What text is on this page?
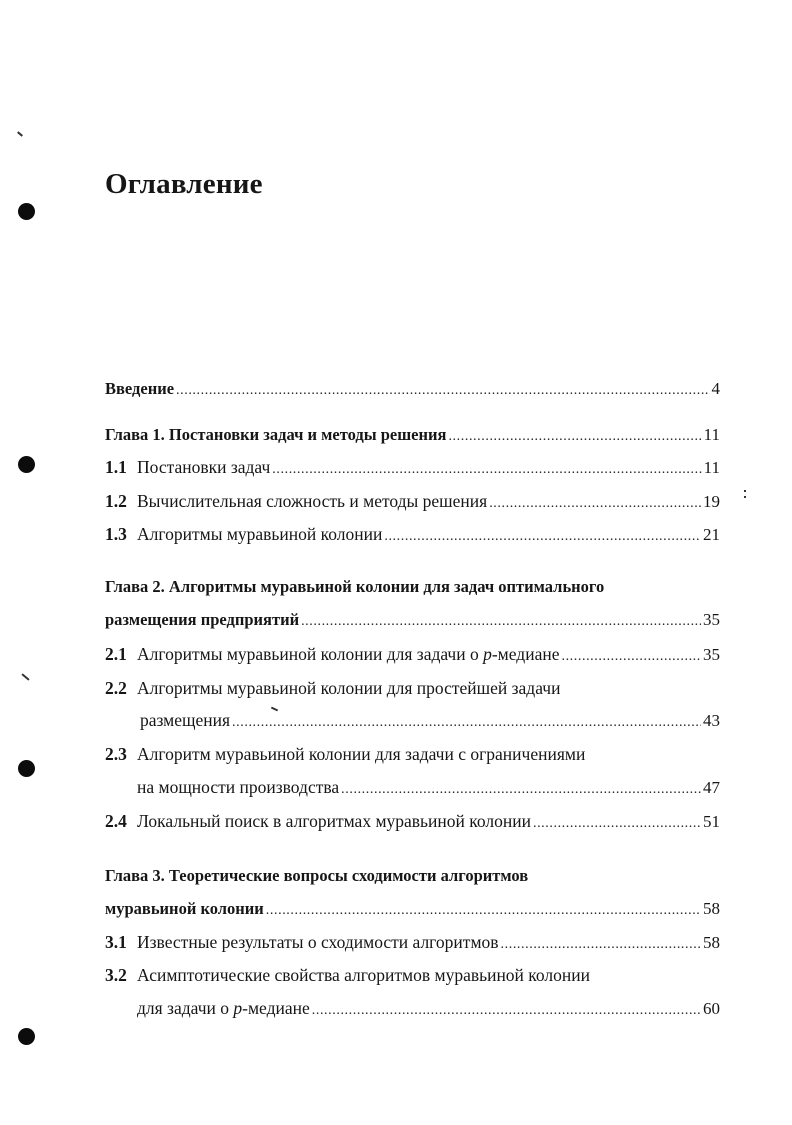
Оглавление
Введение .....	4
Глава 1. Постановки задач и методы решения .....	11
1.1 Постановки задач .....	11
1.2 Вычислительная сложность и методы решения .....	19
1.3 Алгоритмы муравьиной колонии .....	21
Глава 2. Алгоритмы муравьиной колонии для задач оптимального
размещения предприятий .....	35
2.1 Алгоритмы муравьиной колонии для задачи о p-медиане .....	35
2.2 Алгоритмы муравьиной колонии для простейшей задачи
размещения .....	43
2.3 Алгоритм муравьиной колонии для задачи с ограничениями
на мощности производства .....	47
2.4 Локальный поиск в алгоритмах муравьиной колонии .....	51
Глава 3. Теоретические вопросы сходимости алгоритмов
муравьиной колонии .....	58
3.1 Известные результаты о сходимости алгоритмов .....	58
3.2 Асимптотические свойства алгоритмов муравьиной колонии
для задачи о p-медиане .....	60
